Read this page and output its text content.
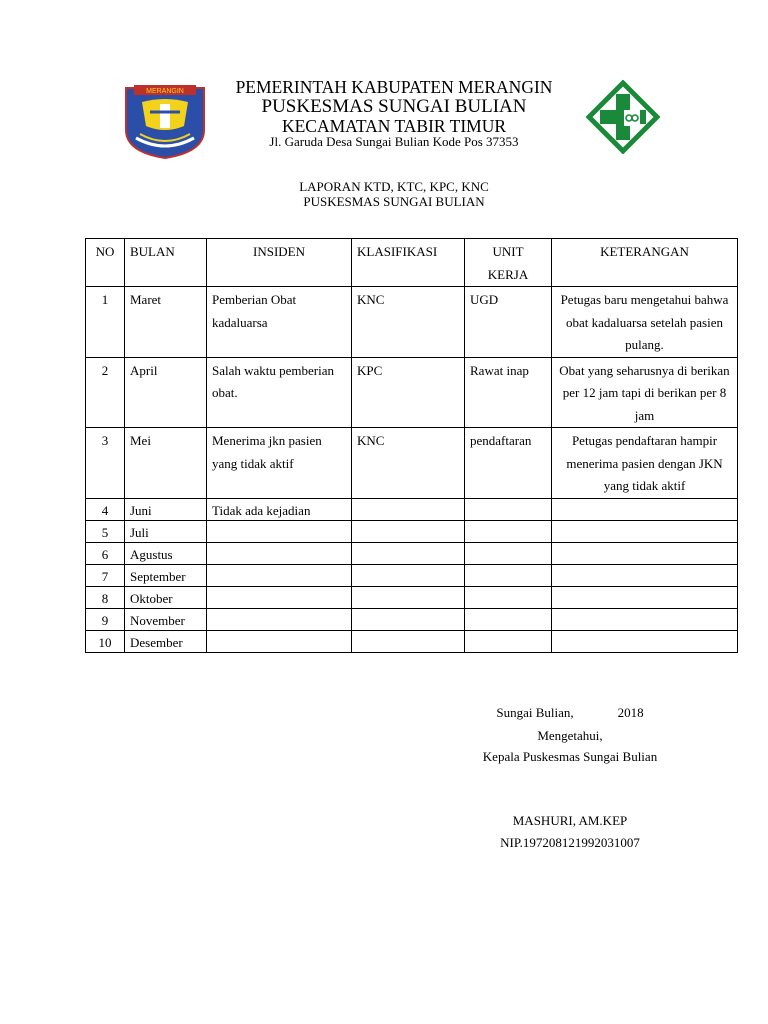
MERANGIN	PEMERINTAH KABUPATEN MERANGIN
PUSKESMAS SUNGAI BULIAN
KECAMATAN TABIR TIMUR
Jl. Garuda Desa Sungai Bulian Kode Pos 37353
LAPORAN KTD, KTC, KPC, KNC
PUSKESMAS SUNGAI BULIAN
NO	BULAN	INSIDEN	KLASIFIKASI	UNIT KERJA	KETERANGAN
1	Maret	Pemberian Obat kadaluarsa	KNC	UGD	Petugas baru mengetahui bahwa obat kadaluarsa setelah pasien pulang.
2	April	Salah waktu pemberian obat.	KPC	Rawat inap	Obat yang seharusnya di berikan per 12 jam tapi di berikan per 8 jam
3	Mei	Menerima jkn pasien yang tidak aktif	KNC	pendaftaran	Petugas pendaftaran hampir menerima pasien dengan JKN yang tidak aktif
4	Juni	Tidak ada kejadian			
5	Juli				
6	Agustus				
7	September				
8	Oktober				
9	November				
10	Desember				
Sungai Bulian,	2018
Mengetahui,
Kepala Puskesmas Sungai Bulian
MASHURI, AM.KEP
NIP.197208121992031007
